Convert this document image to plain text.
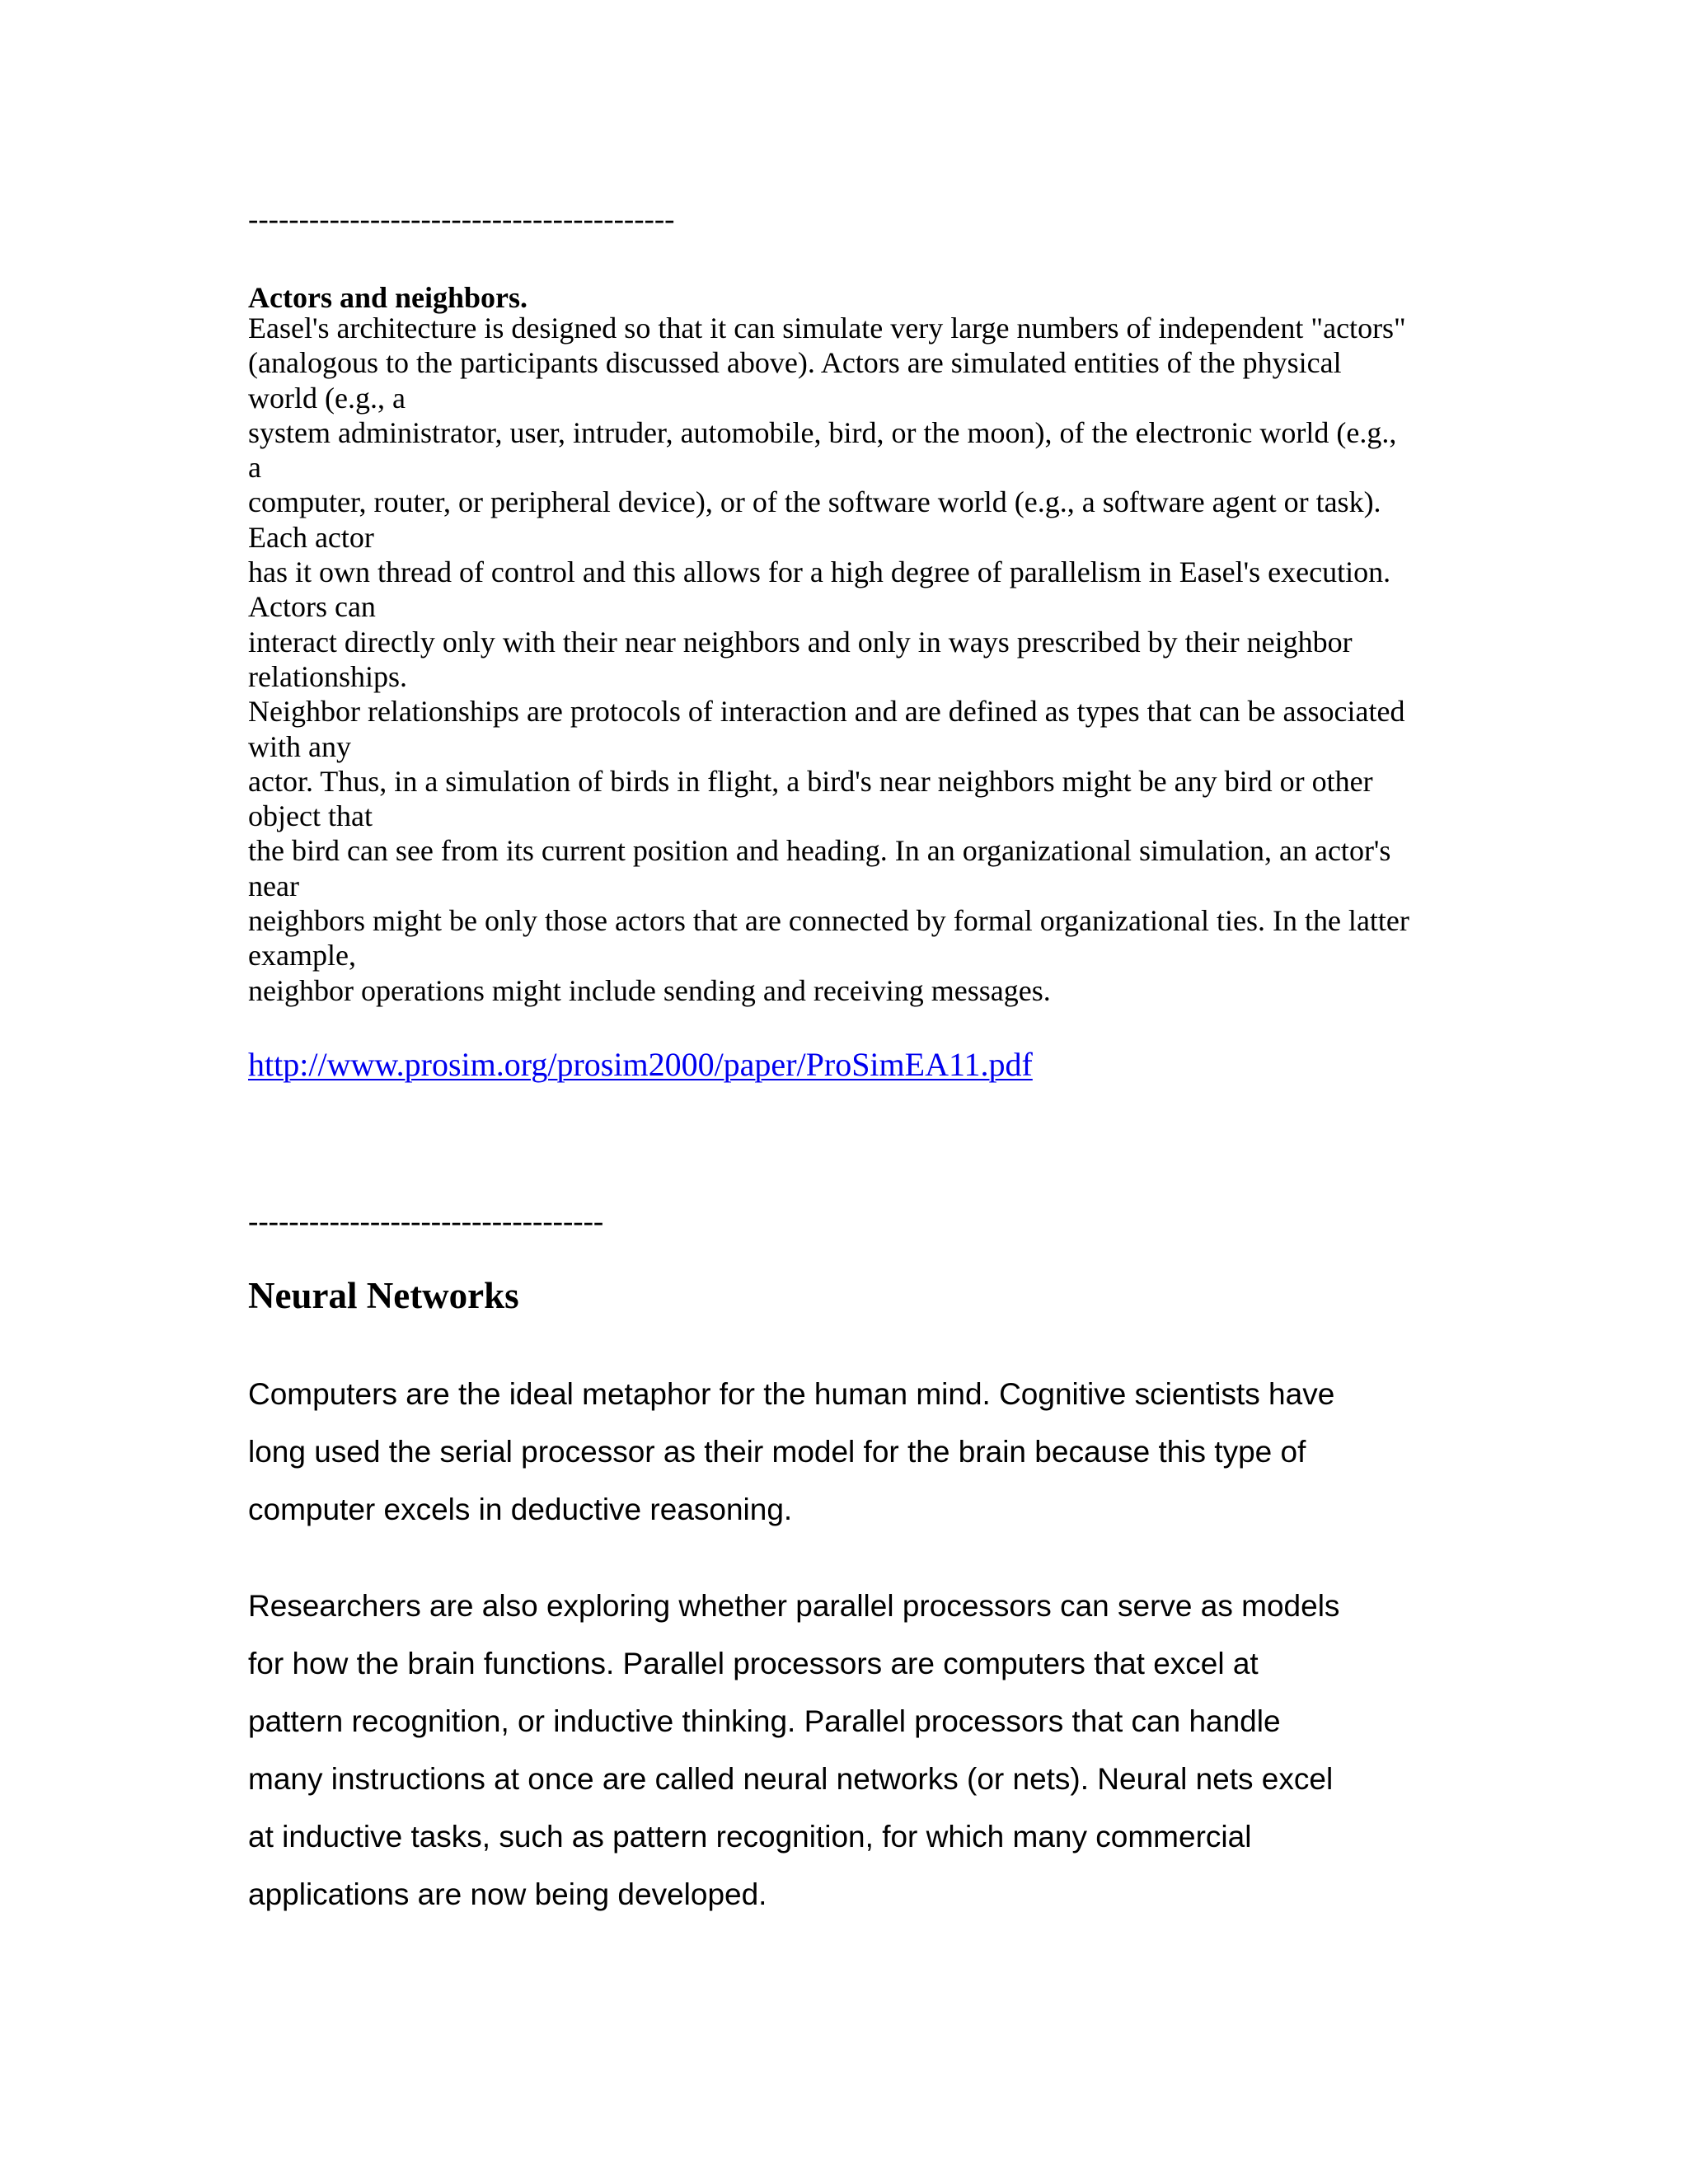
------------------------------------------
Actors and neighbors.
Easel's architecture is designed so that it can simulate very large numbers of independent "actors"
(analogous to the participants discussed above). Actors are simulated entities of the physical
world (e.g., a
system administrator, user, intruder, automobile, bird, or the moon), of the electronic world (e.g.,
a
computer, router, or peripheral device), or of the software world (e.g., a software agent or task).
Each actor
has it own thread of control and this allows for a high degree of parallelism in Easel's execution.
Actors can
interact directly only with their near neighbors and only in ways prescribed by their neighbor
relationships.
Neighbor relationships are protocols of interaction and are defined as types that can be associated
with any
actor. Thus, in a simulation of birds in flight, a bird's near neighbors might be any bird or other
object that
the bird can see from its current position and heading. In an organizational simulation, an actor's
near
neighbors might be only those actors that are connected by formal organizational ties. In the latter
example,
neighbor operations might include sending and receiving messages.
http://www.prosim.org/prosim2000/paper/ProSimEA11.pdf
-----------------------------------
Neural Networks

Computers are the ideal metaphor for the human mind. Cognitive scientists have
long used the serial processor as their model for the brain because this type of
computer excels in deductive reasoning.

Researchers are also exploring whether parallel processors can serve as models
for how the brain functions. Parallel processors are computers that excel at
pattern recognition, or inductive thinking. Parallel processors that can handle
many instructions at once are called neural networks (or nets). Neural nets excel
at inductive tasks, such as pattern recognition, for which many commercial
applications are now being developed.
